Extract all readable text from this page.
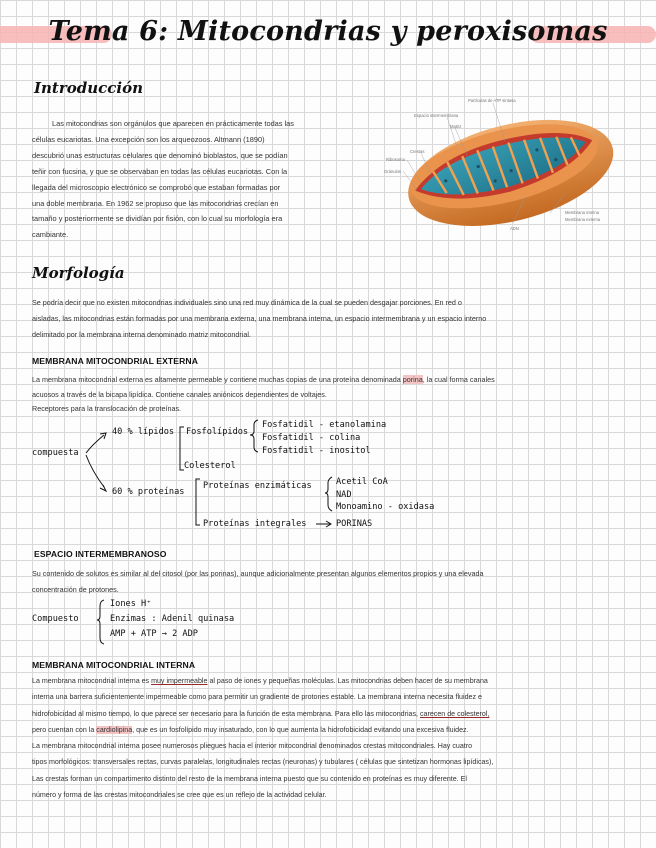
Tema 6: Mitocondrias y peroxisomas
Introducción
Las mitocondrias son orgánulos que aparecen en prácticamente todas las
células eucariotas. Una excepción son los arqueozoos. Altmann (1890)
descubrió unas estructuras celulares que denominó bioblastos, que se podían
teñir con fucsina, y que se observaban en todas las células eucariotas. Con la
llegada del microscopio electrónico se comprobó que estaban formadas por
una doble membrana. En 1962 se propuso que las mitocondrias crecían en
tamaño y posteriormente se dividían por fisión, con lo cual su morfología era
cambiante.
Partículas de ATP sintasa
Espacio intermembrana
Matriz
Crestas
Ribosoma
Gránulos
ADN
Membrana interna
Membrana externa
Morfología
Se podría decir que no existen mitocondrias individuales sino una red muy dinámica de la cual se pueden desgajar porciones. En red o
aisladas, las mitocondrias están formadas por una membrana externa, una membrana interna, un espacio intermembrana y un espacio interno
delimitado por la membrana interna denominado matriz mitocondrial.
MEMBRANA MITOCONDRIAL EXTERNA
La membrana mitocondrial externa es altamente permeable y contiene muchas copias de una proteína denominada porina, la cual forma canales
acuosos a través de la bicapa lipídica. Contiene canales aniónicos dependientes de voltajes.
Receptores para la translocación de proteínas.
compuesta
40 % lípidos Fosfolípidos
Fosfatidil - etanolamina
Fosfatidil - colina
Fosfatidil - inositol
Colesterol
60 % proteínas
Proteínas enzimáticas	Acetil CoA
NAD
Monoamino - oxidasa
Proteínas integrales	PORINAS
ESPACIO INTERMEMBRANOSO
Su contenido de solutos es similar al del citosol (por las porinas), aunque adicionalmente presentan algunos elementos propios y una elevada
concentración de protones.
Compuesto
Iones H⁺
Enzimas : Adenil quinasa
AMP + ATP → 2 ADP
MEMBRANA MITOCONDRIAL INTERNA
La membrana mitocondrial interna es muy impermeable al paso de iones y pequeñas moléculas. Las mitocondrias deben hacer de su membrana
interna una barrera suficientemente impermeable como para permitir un gradiente de protones estable. La membrana interna necesita fluidez e
hidrofobicidad al mismo tiempo, lo que parece ser necesario para la función de esta membrana. Para ello las mitocondrias, carecen de colesterol,
pero cuentan con la cardiolipina, que es un fosfolípido muy insaturado, con lo que aumenta la hidrofobicidad evitando una excesiva fluidez.
La membrana mitocondrial interna posee numerosos pliegues hacia el interior mitocondrial denominados crestas mitocondriales. Hay cuatro
tipos morfológicos: transversales rectas, curvas paralelas, longitudinales rectas (neuronas) y tubulares ( células que sintetizan hormonas lipídicas),
Las crestas forman un compartimento distinto del resto de la membrana interna puesto que su contenido en proteínas es muy diferente. El
número y forma de las crestas mitocondriales se cree que es un reflejo de la actividad celular.
